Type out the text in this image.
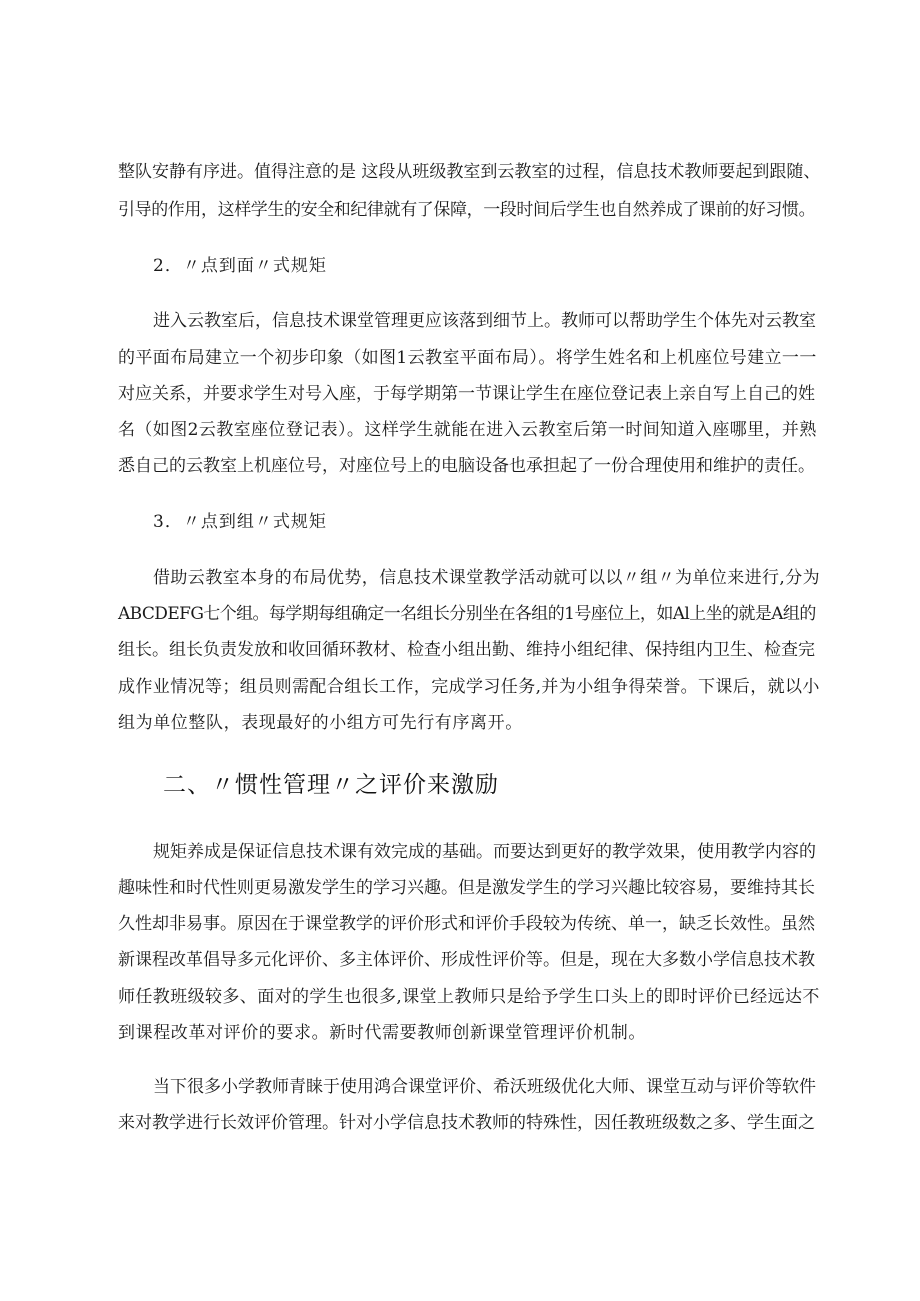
整队安静有序进。值得注意的是 这段从班级教室到云教室的过程，信息技术教师要起到跟随、
引导的作用，这样学生的安全和纪律就有了保障，一段时间后学生也自然养成了课前的好习惯。
2．〃点到面〃式规矩
进入云教室后，信息技术课堂管理更应该落到细节上。教师可以帮助学生个体先对云教室
的平面布局建立一个初步印象（如图1云教室平面布局）。将学生姓名和上机座位号建立一一
对应关系，并要求学生对号入座，于每学期第一节课让学生在座位登记表上亲自写上自己的姓
名（如图2云教室座位登记表）。这样学生就能在进入云教室后第一时间知道入座哪里，并熟
悉自己的云教室上机座位号，对座位号上的电脑设备也承担起了一份合理使用和维护的责任。
3．〃点到组〃式规矩
借助云教室本身的布局优势，信息技术课堂教学活动就可以以〃组〃为单位来进行,分为
ABCDEFG七个组。每学期每组确定一名组长分别坐在各组的1号座位上，如Al上坐的就是A组的
组长。组长负责发放和收回循环教材、检查小组出勤、维持小组纪律、保持组内卫生、检查完
成作业情况等；组员则需配合组长工作，完成学习任务,并为小组争得荣誉。下课后，就以小
组为单位整队，表现最好的小组方可先行有序离开。
二、〃惯性管理〃之评价来激励
规矩养成是保证信息技术课有效完成的基础。而要达到更好的教学效果，使用教学内容的
趣味性和时代性则更易激发学生的学习兴趣。但是激发学生的学习兴趣比较容易，要维持其长
久性却非易事。原因在于课堂教学的评价形式和评价手段较为传统、单一，缺乏长效性。虽然
新课程改革倡导多元化评价、多主体评价、形成性评价等。但是，现在大多数小学信息技术教
师任教班级较多、面对的学生也很多,课堂上教师只是给予学生口头上的即时评价已经远达不
到课程改革对评价的要求。新时代需要教师创新课堂管理评价机制。
当下很多小学教师青睐于使用鸿合课堂评价、希沃班级优化大师、课堂互动与评价等软件
来对教学进行长效评价管理。针对小学信息技术教师的特殊性，因任教班级数之多、学生面之
